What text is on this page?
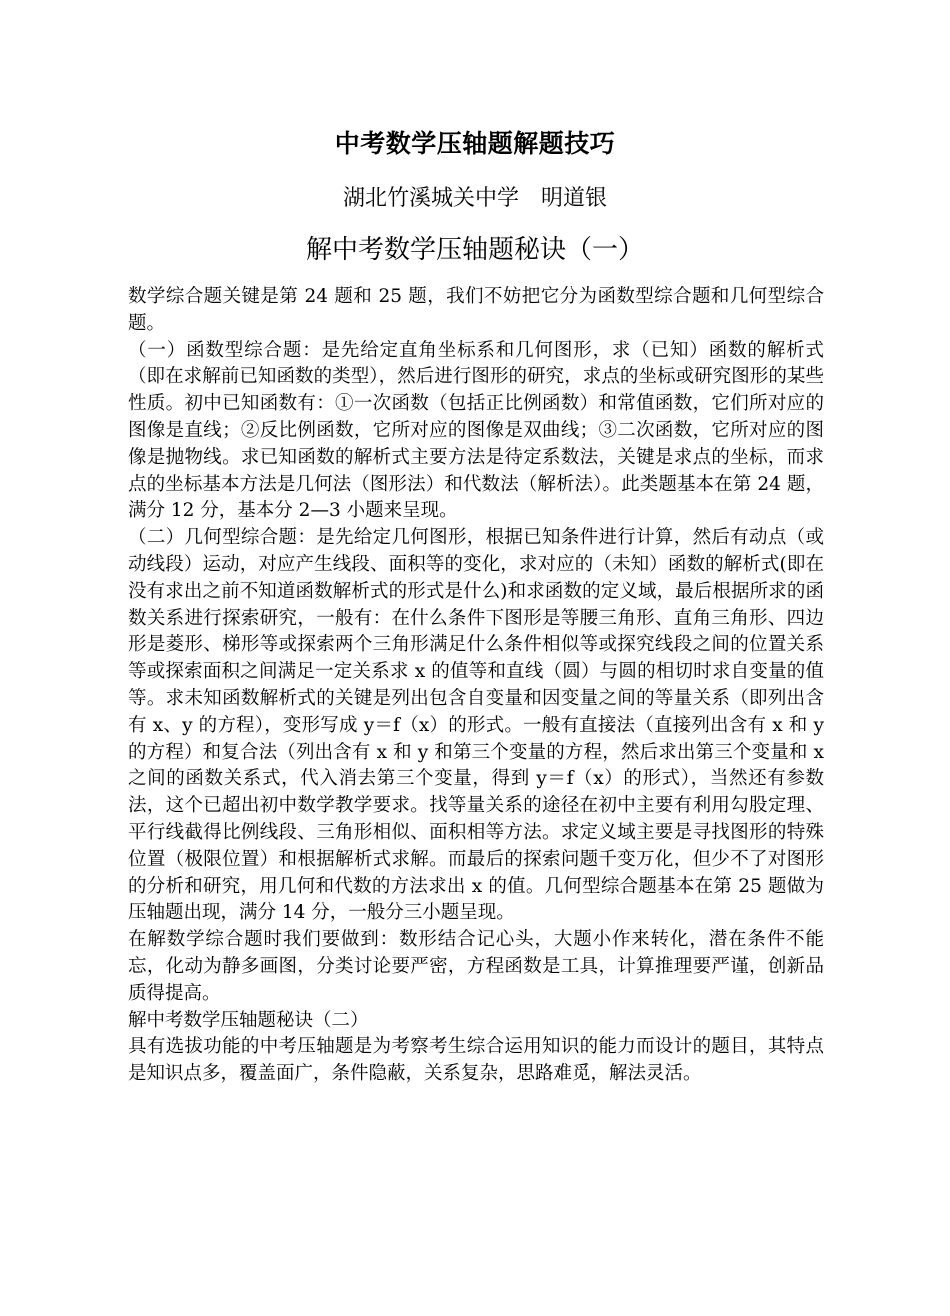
中考数学压轴题解题技巧
湖北竹溪城关中学　明道银
解中考数学压轴题秘诀（一）

数学综合题关键是第 24 题和 25 题，我们不妨把它分为函数型综合题和几何型综合题。

（一）函数型综合题：是先给定直角坐标系和几何图形，求（已知）函数的解析式（即在求解前已知函数的类型），然后进行图形的研究，求点的坐标或研究图形的某些性质。初中已知函数有：①一次函数（包括正比例函数）和常值函数，它们所对应的图像是直线；②反比例函数，它所对应的图像是双曲线；③二次函数，它所对应的图像是抛物线。求已知函数的解析式主要方法是待定系数法，关键是求点的坐标，而求点的坐标基本方法是几何法（图形法）和代数法（解析法）。此类题基本在第 24 题，满分 12 分，基本分 2—3 小题来呈现。

（二）几何型综合题：是先给定几何图形，根据已知条件进行计算，然后有动点（或动线段）运动，对应产生线段、面积等的变化，求对应的（未知）函数的解析式(即在没有求出之前不知道函数解析式的形式是什么)和求函数的定义域，最后根据所求的函数关系进行探索研究，一般有：在什么条件下图形是等腰三角形、直角三角形、四边形是菱形、梯形等或探索两个三角形满足什么条件相似等或探究线段之间的位置关系等或探索面积之间满足一定关系求 x 的值等和直线（圆）与圆的相切时求自变量的值等。求未知函数解析式的关键是列出包含自变量和因变量之间的等量关系（即列出含有 x、y 的方程），变形写成 y＝f（x）的形式。一般有直接法（直接列出含有 x 和 y 的方程）和复合法（列出含有 x 和 y 和第三个变量的方程，然后求出第三个变量和 x 之间的函数关系式，代入消去第三个变量，得到 y＝f（x）的形式），当然还有参数法，这个已超出初中数学教学要求。找等量关系的途径在初中主要有利用勾股定理、平行线截得比例线段、三角形相似、面积相等方法。求定义域主要是寻找图形的特殊位置（极限位置）和根据解析式求解。而最后的探索问题千变万化，但少不了对图形的分析和研究，用几何和代数的方法求出 x 的值。几何型综合题基本在第 25 题做为压轴题出现，满分 14 分，一般分三小题呈现。

在解数学综合题时我们要做到：数形结合记心头，大题小作来转化，潜在条件不能忘，化动为静多画图，分类讨论要严密，方程函数是工具，计算推理要严谨，创新品质得提高。

解中考数学压轴题秘诀（二）

具有选拔功能的中考压轴题是为考察考生综合运用知识的能力而设计的题目，其特点是知识点多，覆盖面广，条件隐蔽，关系复杂，思路难觅，解法灵活。
